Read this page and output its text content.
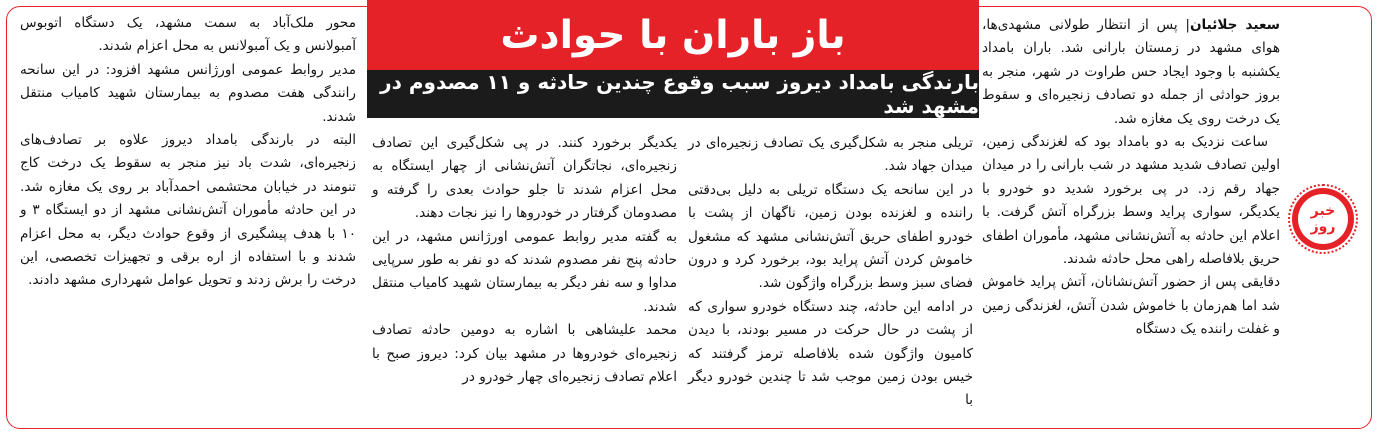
باز باران با حوادث
بارندگی بامداد دیروز سبب وقوع چندین حادثه و ۱۱ مصدوم در مشهد شد
خبر
روز

سعید جلائیان| پس از انتظار طولانی مشهدی‌ها، هوای مشهد در زمستان بارانی شد. باران بامداد یکشنبه با وجود ایجاد حس طراوت در شهر، منجر به بروز حوادثی از جمله دو تصادف زنجیره‌ای و سقوط یک درخت روی یک مغازه شد.

ساعت نزدیک به دو بامداد بود که لغزندگی زمین، اولین تصادف شدید مشهد در شب بارانی را در میدان جهاد رقم زد. در پی برخورد شدید دو خودرو با یکدیگر، سواری پراید وسط بزرگراه آتش گرفت. با اعلام این حادثه به آتش‌نشانی مشهد، مأموران اطفای حریق بلافاصله راهی محل حادثه شدند.

دقایقی پس از حضور آتش‌نشانان، آتش پراید خاموش شد اما هم‌زمان با خاموش شدن آتش، لغزندگی زمین و غفلت راننده یک دستگاه

تریلی منجر به شکل‌گیری یک تصادف زنجیره‌ای در میدان جهاد شد.

در این سانحه یک دستگاه تریلی به دلیل بی‌دقتی راننده و لغزنده بودن زمین، ناگهان از پشت با خودرو اطفای حریق آتش‌نشانی مشهد که مشغول خاموش کردن آتش پراید بود، برخورد کرد و درون فضای سبز وسط بزرگراه واژگون شد.

در ادامه این حادثه، چند دستگاه خودرو سواری که از پشت در حال حرکت در مسیر بودند، با دیدن کامیون واژگون شده بلافاصله ترمز گرفتند که خیس بودن زمین موجب شد تا چندین خودرو دیگر با

یکدیگر برخورد کنند. در پی شکل‌گیری این تصادف زنجیره‌ای، نجاتگران آتش‌نشانی از چهار ایستگاه به محل اعزام شدند تا جلو حوادث بعدی را گرفته و مصدومان گرفتار در خودروها را نیز نجات دهند.

به گفته مدیر روابط عمومی اورژانس مشهد، در این حادثه پنج نفر مصدوم شدند که دو نفر به طور سرپایی مداوا و سه نفر دیگر به بیمارستان شهید کامیاب منتقل شدند.

محمد علیشاهی با اشاره به دومین حادثه تصادف زنجیره‌ای خودروها در مشهد بیان کرد: دیروز صبح با اعلام تصادف زنجیره‌ای چهار خودرو در

محور ملک‌آباد به سمت مشهد، یک دستگاه اتوبوس آمبولانس و یک آمبولانس به محل اعزام شدند.

مدیر روابط عمومی اورژانس مشهد افزود: در این سانحه رانندگی هفت مصدوم به بیمارستان شهید کامیاب منتقل شدند.

البته در بارندگی بامداد دیروز علاوه بر تصادف‌های زنجیره‌ای، شدت باد نیز منجر به سقوط یک درخت کاج تنومند در خیابان محتشمی احمدآباد بر روی یک مغازه شد. در این حادثه مأموران آتش‌نشانی مشهد از دو ایستگاه ۳ و ۱۰ با هدف پیشگیری از وقوع حوادث دیگر، به محل اعزام شدند و با استفاده از اره برقی و تجهیزات تخصصی، این درخت را برش زدند و تحویل عوامل شهرداری مشهد دادند.
